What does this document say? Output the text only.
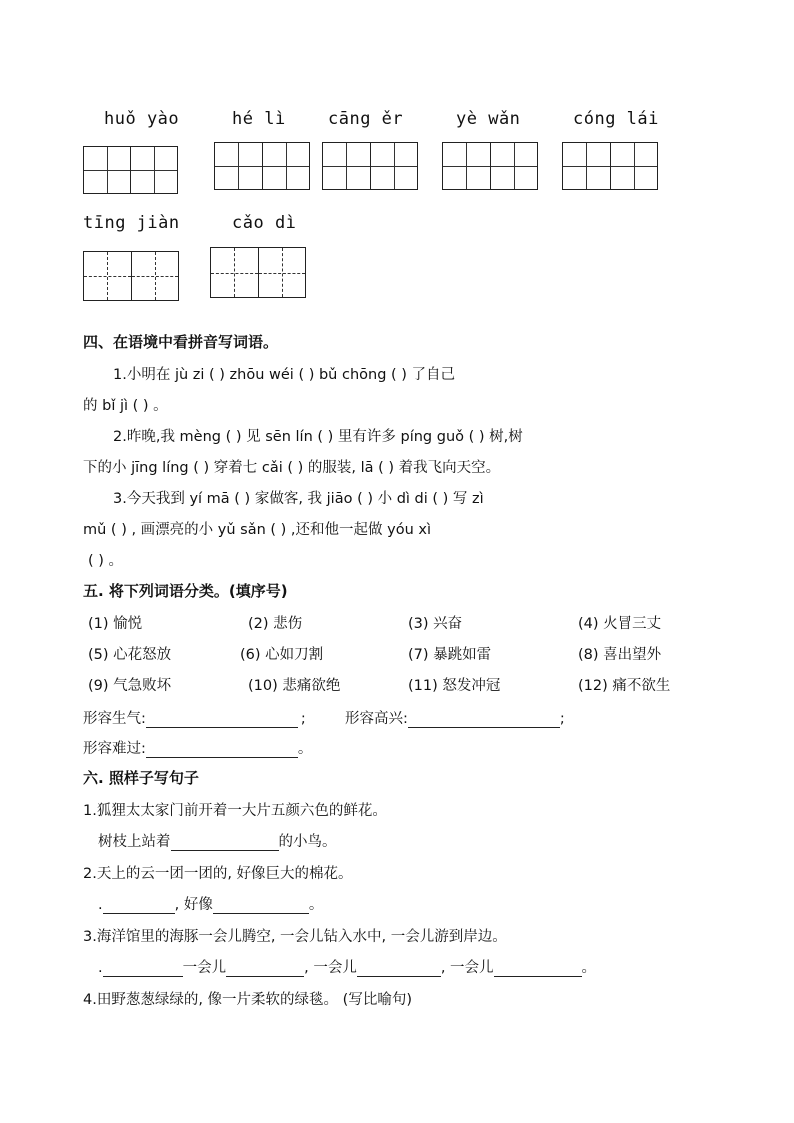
huǒ yào	hé lì cāng ěr	yè wǎn	cóng lái
tīng jiàn	cǎo dì
四、在语境中看拼音写词语。
1.小明在 jù zi ( ) zhōu wéi ( ) bǔ chōng ( ) 了自己
的 bǐ jì ( ) 。
2.昨晚,我 mèng ( ) 见 sēn lín ( ) 里有许多 píng guǒ ( ) 树,树
下的小 jīng líng ( ) 穿着七 cǎi ( ) 的服装, lā ( ) 着我飞向天空。
3.今天我到 yí mā ( ) 家做客, 我 jiāo ( ) 小 dì di ( ) 写 zì
mǔ ( ) , 画漂亮的小 yǔ sǎn ( ) ,还和他一起做 yóu xì
( ) 。
五. 将下列词语分类。(填序号)
(1) 愉悦	(2) 悲伤	(3) 兴奋	(4) 火冒三丈
(5) 心花怒放	(6) 心如刀割	(7) 暴跳如雷	(8) 喜出望外
(9) 气急败坏	(10) 悲痛欲绝	(11) 怒发冲冠	(12) 痛不欲生
形容生气:	;	形容高兴:	;
形容难过:	。
六. 照样子写句子
1.狐狸太太家门前开着一大片五颜六色的鲜花。
树枝上站着	的小鸟。
2.天上的云一团一团的, 好像巨大的棉花。
.	, 好像	。
3.海洋馆里的海豚一会儿腾空, 一会儿钻入水中, 一会儿游到岸边。
.	一会儿	, 一会儿	, 一会儿	。
4.田野葱葱绿绿的, 像一片柔软的绿毯。 (写比喻句)
